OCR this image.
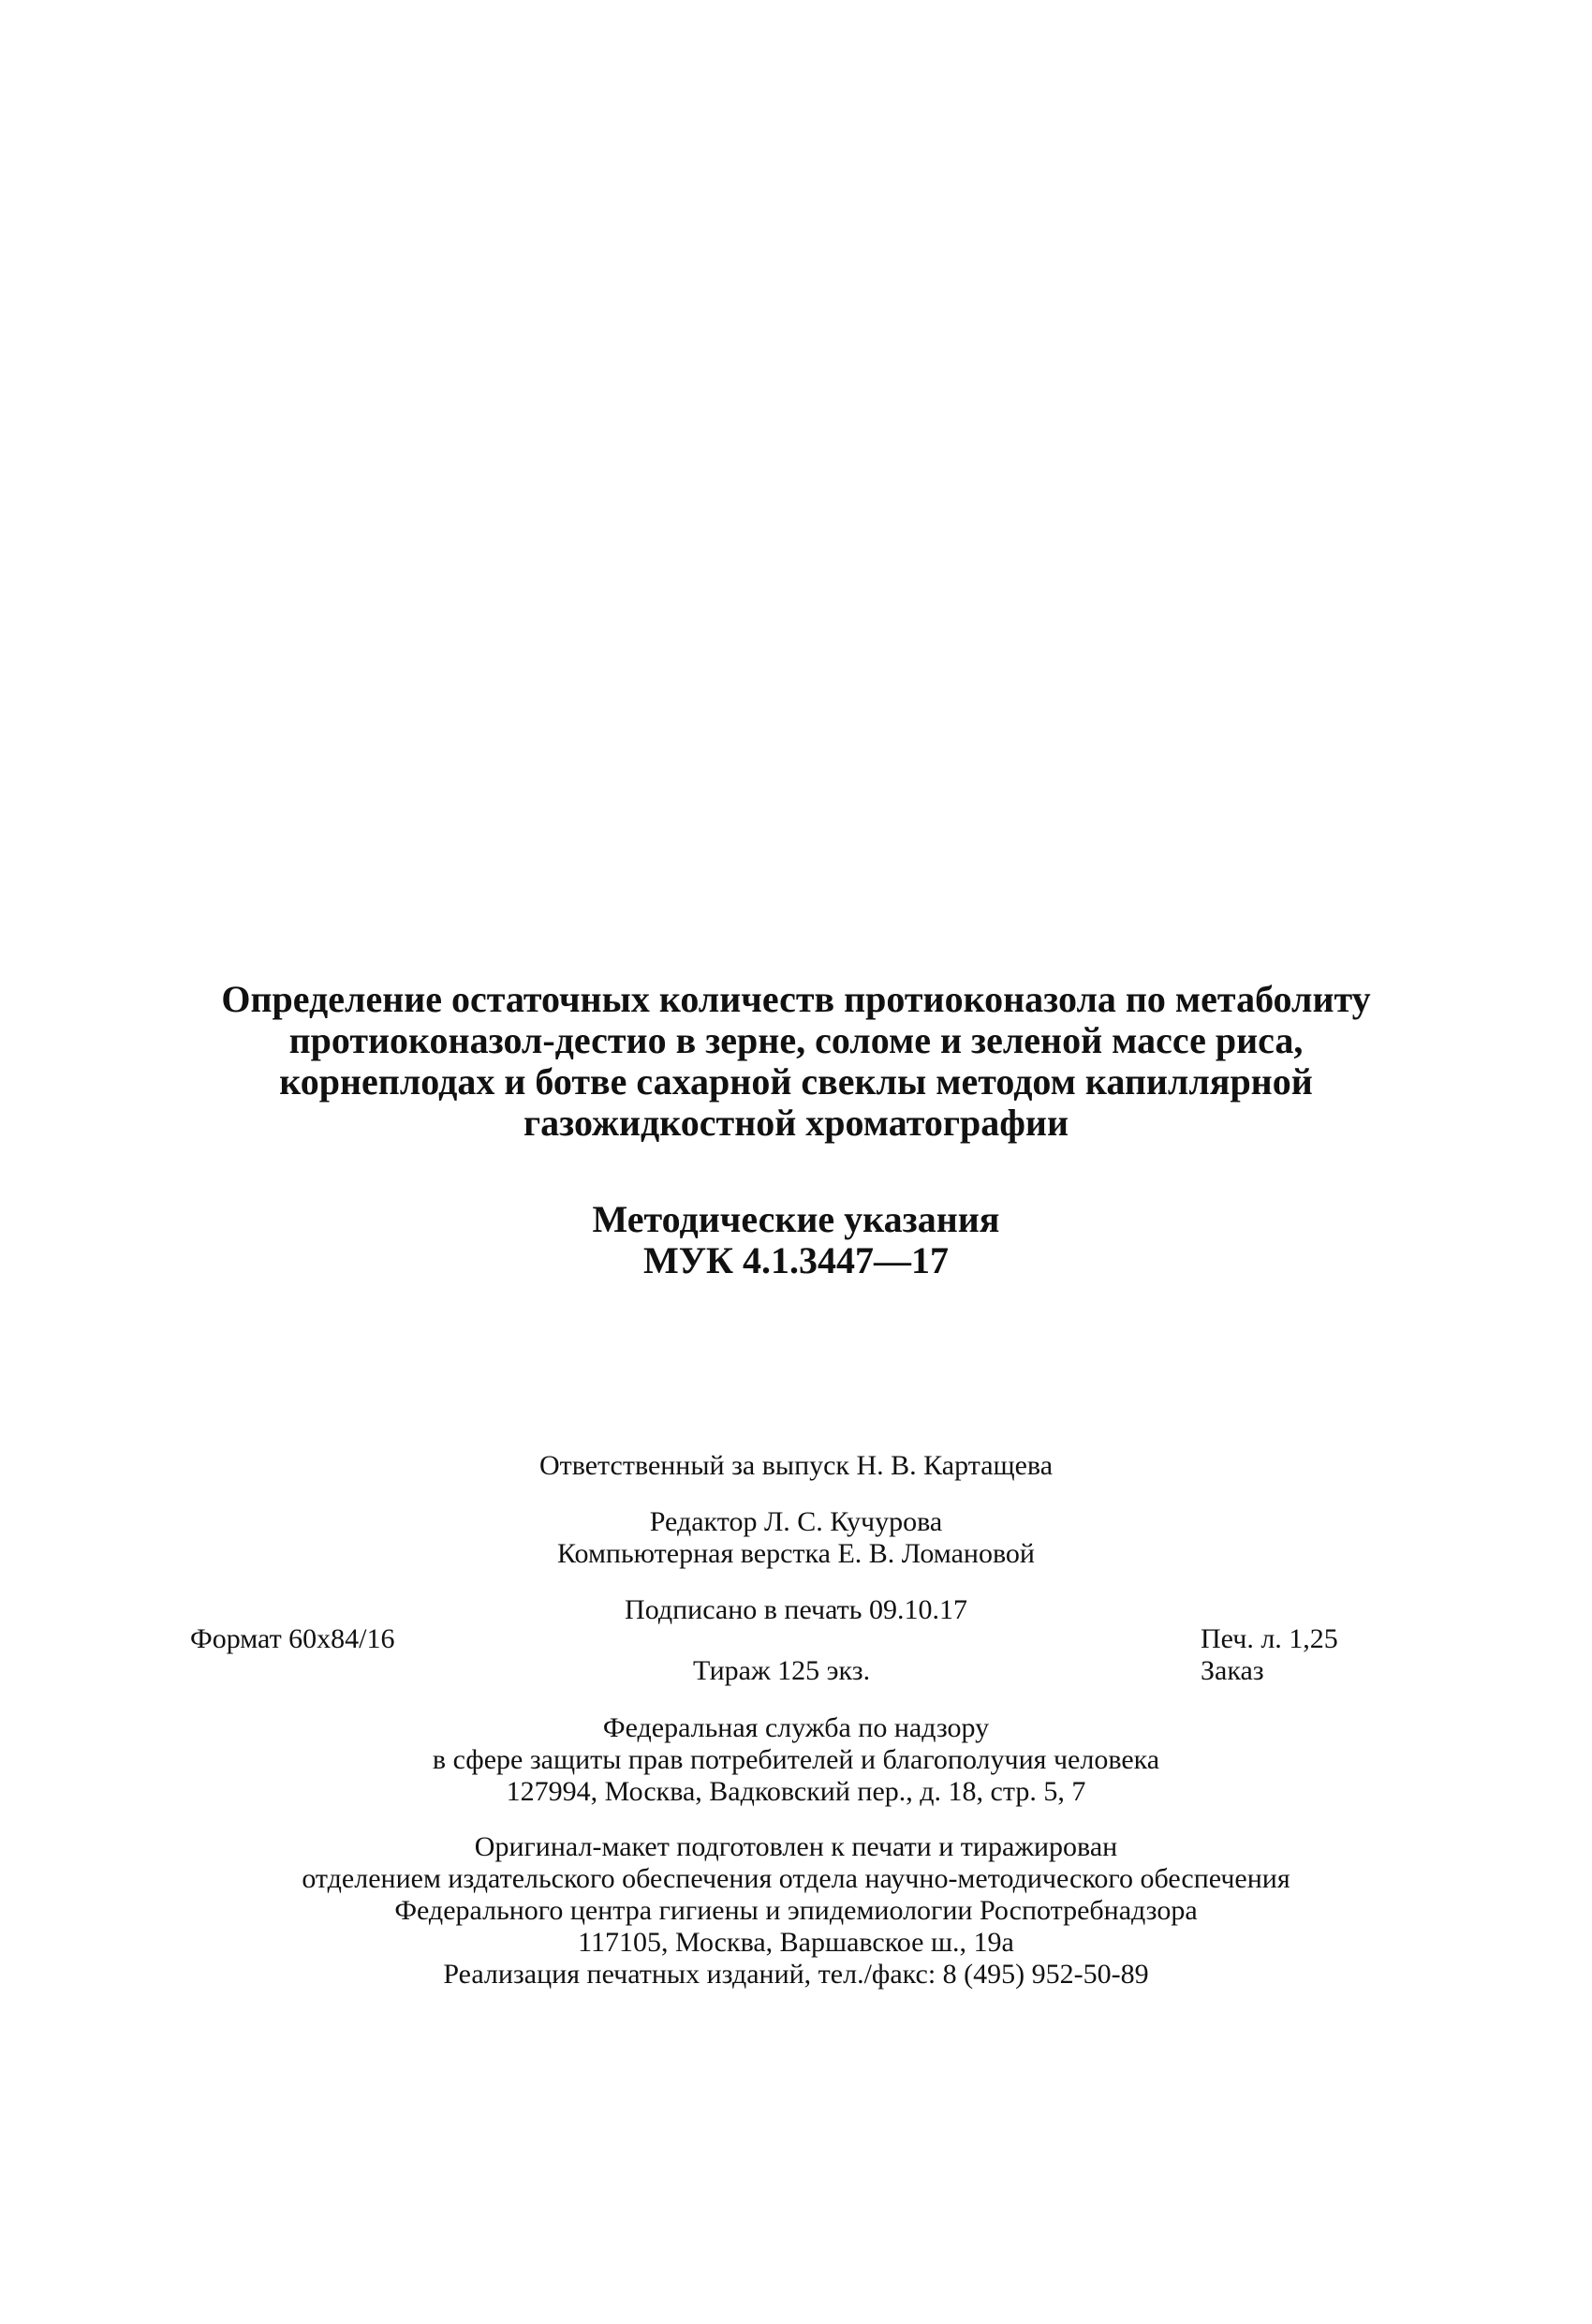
Определение остаточных количеств протиоконазола по метаболиту
протиоконазол-дестио в зерне, соломе и зеленой массе риса,
корнеплодах и ботве сахарной свеклы методом капиллярной
газожидкостной хроматографии
Методические указания
МУК 4.1.3447—17
Ответственный за выпуск Н. В. Картащева
Редактор Л. С. Кучурова
Компьютерная верстка Е. В. Ломановой
Подписано в печать 09.10.17
Формат 60x84/16	Печ. л. 1,25
Тираж 125 экз.	Заказ
Федеральная служба по надзору
в сфере защиты прав потребителей и благополучия человека
127994, Москва, Вадковский пер., д. 18, стр. 5, 7
Оригинал-макет подготовлен к печати и тиражирован
отделением издательского обеспечения отдела научно-методического обеспечения
Федерального центра гигиены и эпидемиологии Роспотребнадзора
117105, Москва, Варшавское ш., 19а
Реализация печатных изданий, тел./факс: 8 (495) 952-50-89
